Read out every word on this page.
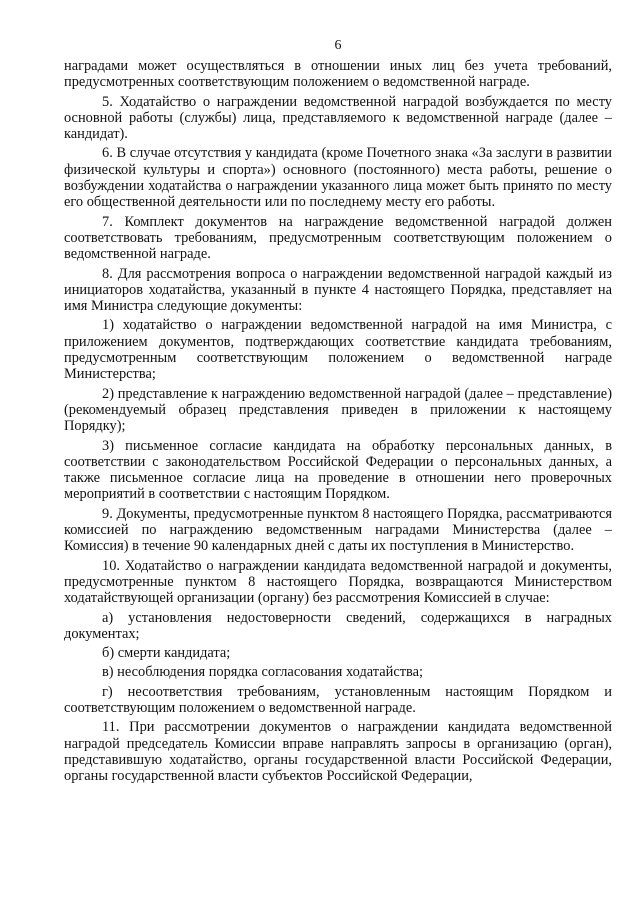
6
наградами может осуществляться в отношении иных лиц без учета требований, предусмотренных соответствующим положением о ведомственной награде.
5. Ходатайство о награждении ведомственной наградой возбуждается по месту основной работы (службы) лица, представляемого к ведомственной награде (далее – кандидат).
6. В случае отсутствия у кандидата (кроме Почетного знака «За заслуги в развитии физической культуры и спорта») основного (постоянного) места работы, решение о возбуждении ходатайства о награждении указанного лица может быть принято по месту его общественной деятельности или по последнему месту его работы.
7. Комплект документов на награждение ведомственной наградой должен соответствовать требованиям, предусмотренным соответствующим положением о ведомственной награде.
8. Для рассмотрения вопроса о награждении ведомственной наградой каждый из инициаторов ходатайства, указанный в пункте 4 настоящего Порядка, представляет на имя Министра следующие документы:
1) ходатайство о награждении ведомственной наградой на имя Министра, с приложением документов, подтверждающих соответствие кандидата требованиям, предусмотренным соответствующим положением о ведомственной награде Министерства;
2) представление к награждению ведомственной наградой (далее – представление) (рекомендуемый образец представления приведен в приложении к настоящему Порядку);
3) письменное согласие кандидата на обработку персональных данных, в соответствии с законодательством Российской Федерации о персональных данных, а также письменное согласие лица на проведение в отношении него проверочных мероприятий в соответствии с настоящим Порядком.
9. Документы, предусмотренные пунктом 8 настоящего Порядка, рассматриваются комиссией по награждению ведомственным наградами Министерства (далее – Комиссия) в течение 90 календарных дней с даты их поступления в Министерство.
10. Ходатайство о награждении кандидата ведомственной наградой и документы, предусмотренные пунктом 8 настоящего Порядка, возвращаются Министерством ходатайствующей организации (органу) без рассмотрения Комиссией в случае:
а) установления недостоверности сведений, содержащихся в наградных документах;
б) смерти кандидата;
в) несоблюдения порядка согласования ходатайства;
г) несоответствия требованиям, установленным настоящим Порядком и соответствующим положением о ведомственной награде.
11. При рассмотрении документов о награждении кандидата ведомственной наградой председатель Комиссии вправе направлять запросы в организацию (орган), представившую ходатайство, органы государственной власти Российской Федерации, органы государственной власти субъектов Российской Федерации,
